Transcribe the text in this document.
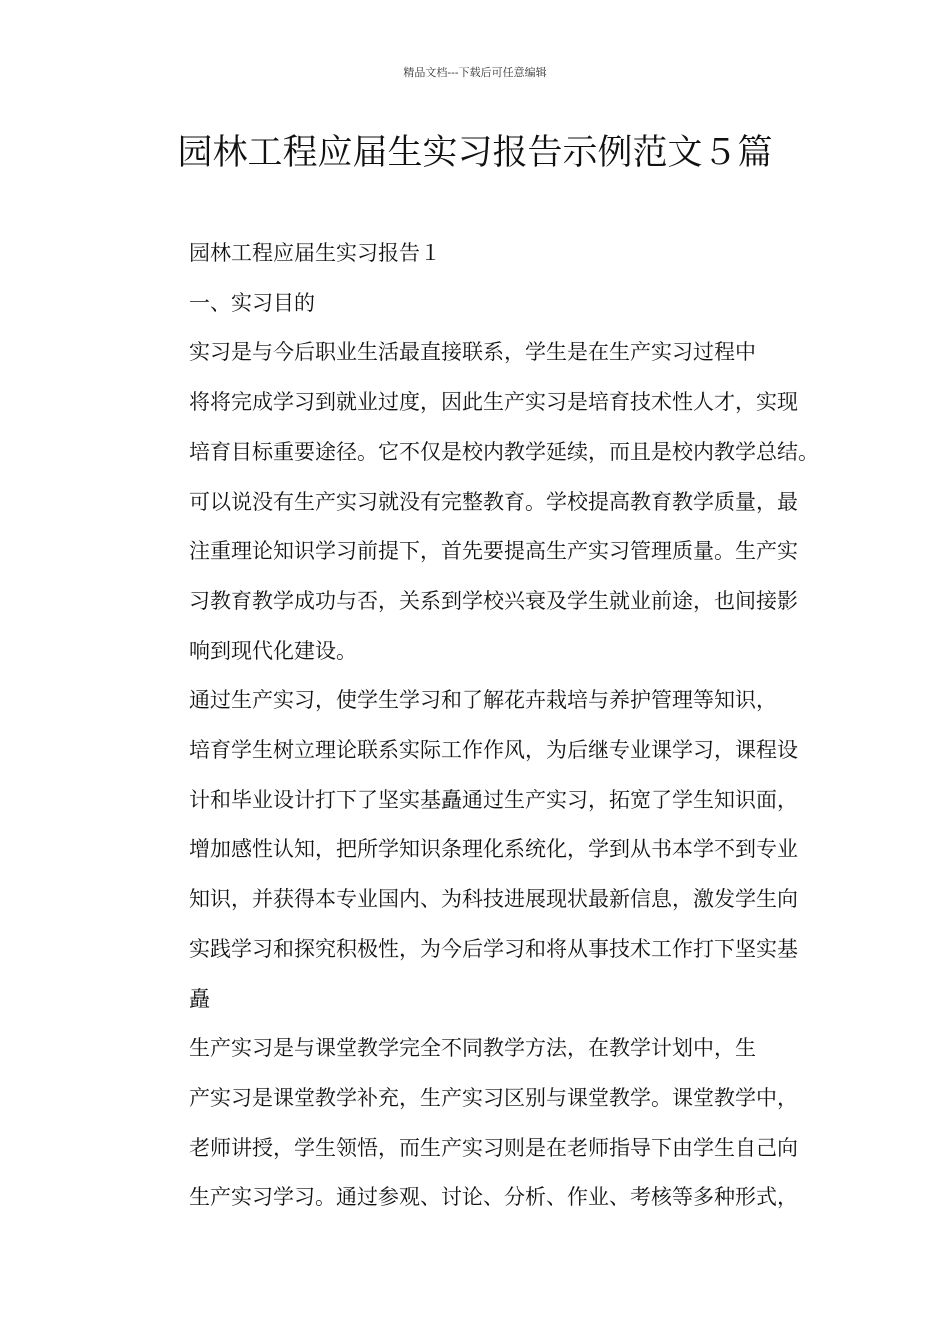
精品文档---下载后可任意编辑
园林工程应届生实习报告示例范文５篇

园林工程应届生实习报告１

一、实习目的

实习是与今后职业生活最直接联系，学生是在生产实习过程中
将将完成学习到就业过度，因此生产实习是培育技术性人才，实现
培育目标重要途径。它不仅是校内教学延续，而且是校内教学总结。
可以说没有生产实习就没有完整教育。学校提高教育教学质量，最
注重理论知识学习前提下，首先要提高生产实习管理质量。生产实
习教育教学成功与否，关系到学校兴衰及学生就业前途，也间接影
响到现代化建设。

通过生产实习，使学生学习和了解花卉栽培与养护管理等知识，
培育学生树立理论联系实际工作作风，为后继专业课学习，课程设
计和毕业设计打下了坚实基矗通过生产实习，拓宽了学生知识面，
增加感性认知，把所学知识条理化系统化，学到从书本学不到专业
知识，并获得本专业国内、为科技进展现状最新信息，激发学生向
实践学习和探究积极性，为今后学习和将从事技术工作打下坚实基
矗

生产实习是与课堂教学完全不同教学方法，在教学计划中，生
产实习是课堂教学补充，生产实习区别与课堂教学。课堂教学中，
老师讲授，学生领悟，而生产实习则是在老师指导下由学生自己向
生产实习学习。通过参观、讨论、分析、作业、考核等多种形式，
